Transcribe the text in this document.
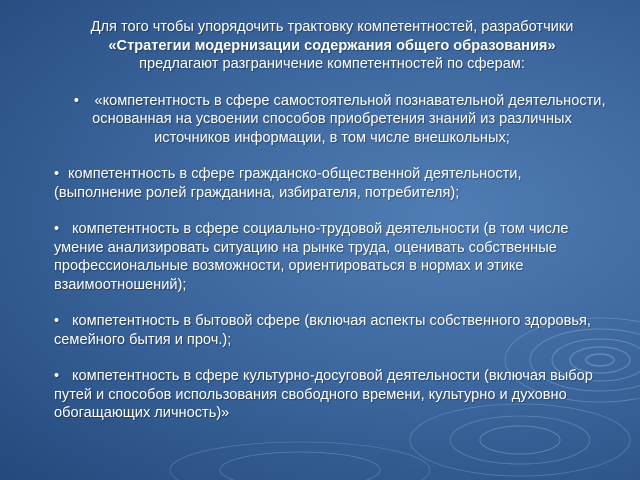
Для того чтобы упорядочить трактовку компетентностей, разработчики

«Стратегии модернизации содержания общего образования»

предлагают разграничение компетентностей по сферам:

• «компетентность в сфере самостоятельной познавательной деятельности, основанная на усвоении способов приобретения знаний из различных источников информации, в том числе внешкольных;

• компетентность в сфере гражданско-общественной деятельности, (выполнение ролей гражданина, избирателя, потребителя);

• компетентность в сфере социально-трудовой деятельности (в том числе умение анализировать ситуацию на рынке труда, оценивать собственные профессиональные возможности, ориентироваться в нормах и этике взаимоотношений);

• компетентность в бытовой сфере (включая аспекты собственного здоровья, семейного бытия и проч.);

• компетентность в сфере культурно-досуговой деятельности (включая выбор путей и способов использования свободного времени, культурно и духовно обогащающих личность)»
